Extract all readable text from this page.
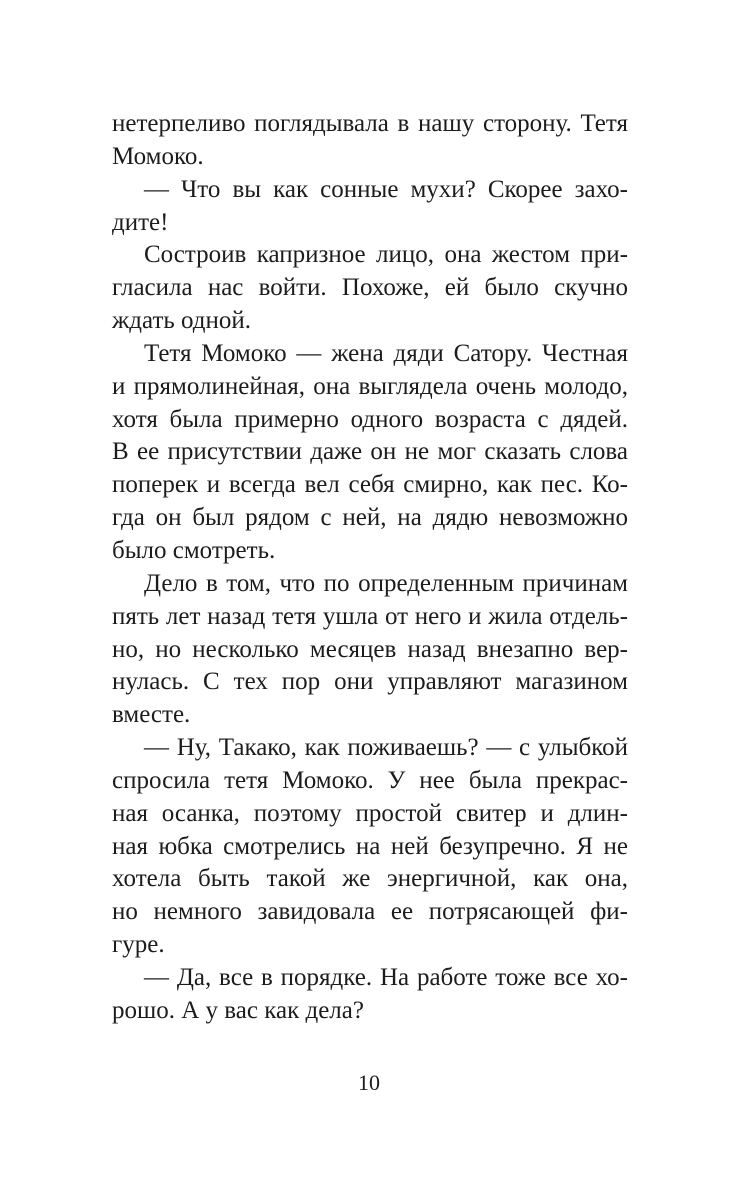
нетерпеливо поглядывала в нашу сторону. Тетя
Момоко.
— Что вы как сонные мухи? Скорее захо-
дите!
Состроив капризное лицо, она жестом при-
гласила нас войти. Похоже, ей было скучно
ждать одной.
Тетя Момоко — жена дяди Сатору. Честная
и прямолинейная, она выглядела очень молодо,
хотя была примерно одного возраста с дядей.
В ее присутствии даже он не мог сказать слова
поперек и всегда вел себя смирно, как пес. Ко-
гда он был рядом с ней, на дядю невозможно
было смотреть.
Дело в том, что по определенным причинам
пять лет назад тетя ушла от него и жила отдель-
но, но несколько месяцев назад внезапно вер-
нулась. С тех пор они управляют магазином
вместе.
— Ну, Такако, как поживаешь? — с улыбкой
спросила тетя Момоко. У нее была прекрас-
ная осанка, поэтому простой свитер и длин-
ная юбка смотрелись на ней безупречно. Я не
хотела быть такой же энергичной, как она,
но немного завидовала ее потрясающей фи-
гуре.
— Да, все в порядке. На работе тоже все хо-
рошо. А у вас как дела?
10
